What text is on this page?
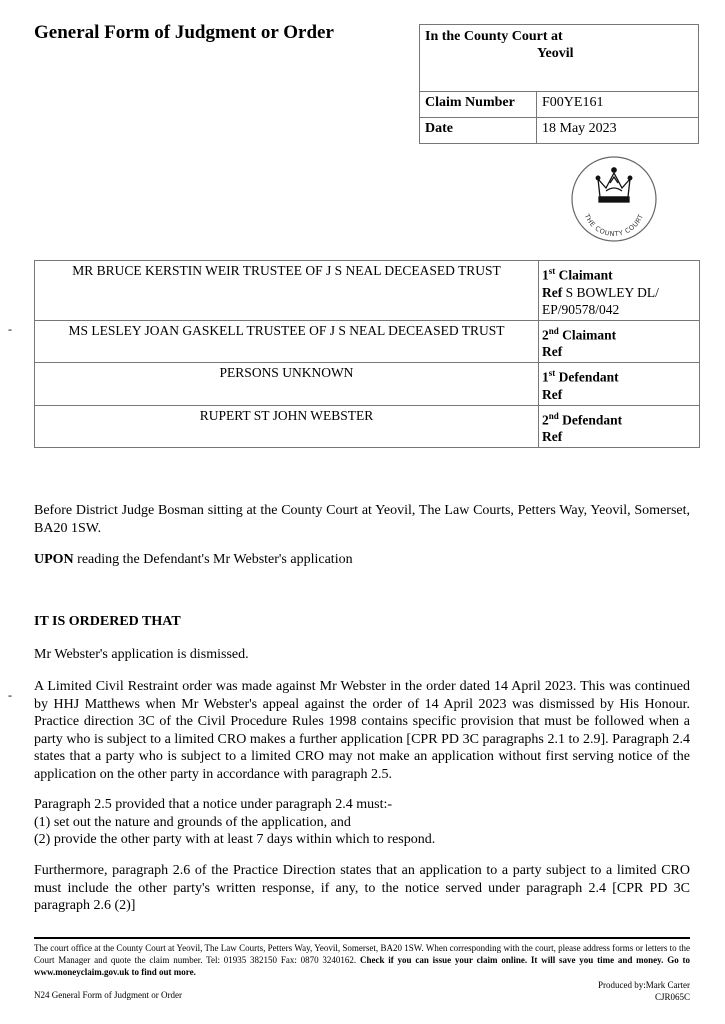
General Form of Judgment or Order	In the County Court at
Yeovil	

Claim Number	F00YE161
Date	18 May 2023
THE COUNTY COURT
MR BRUCE KERSTIN WEIR TRUSTEE OF J S NEAL DECEASED TRUST	1st Claimant
Ref S BOWLEY DL/ EP/90578/042
MS LESLEY JOAN GASKELL TRUSTEE OF J S NEAL DECEASED TRUST	2nd Claimant
Ref
PERSONS UNKNOWN	1st Defendant
Ref
RUPERT ST JOHN WEBSTER	2nd Defendant
Ref
-
-

Before District Judge Bosman sitting at the County Court at Yeovil, The Law Courts, Petters Way, Yeovil, Somerset, BA20 1SW.

UPON reading the Defendant's Mr Webster's application

IT IS ORDERED THAT
Mr Webster's application is dismissed.
A Limited Civil Restraint order was made against Mr Webster in the order dated 14 April 2023. This was continued by HHJ Matthews when Mr Webster's appeal against the order of 14 April 2023 was dismissed by His Honour. Practice direction 3C of the Civil Procedure Rules 1998 contains specific provision that must be followed when a party who is subject to a limited CRO makes a further application [CPR PD 3C paragraphs 2.1 to 2.9]. Paragraph 2.4 states that a party who is subject to a limited CRO may not make an application without first serving notice of the application on the other party in accordance with paragraph 2.5.

Paragraph 2.5 provided that a notice under paragraph 2.4 must:-

(1) set out the nature and grounds of the application, and

(2) provide the other party with at least 7 days within which to respond.

Furthermore, paragraph 2.6 of the Practice Direction states that an application to a party subject to a limited CRO must include the other party's written response, if any, to the notice served under paragraph 2.4 [CPR PD 3C paragraph 2.6 (2)]
The court office at the County Court at Yeovil, The Law Courts, Petters Way, Yeovil, Somerset, BA20 1SW. When corresponding with the court, please address forms or letters to the Court Manager and quote the claim number. Tel: 01935 382150 Fax: 0870 3240162. Check if you can issue your claim online. It will save you time and money. Go to www.moneyclaim.gov.uk to find out more.
Produced by:Mark Carter
CJR065C
N24 General Form of Judgment or Order
